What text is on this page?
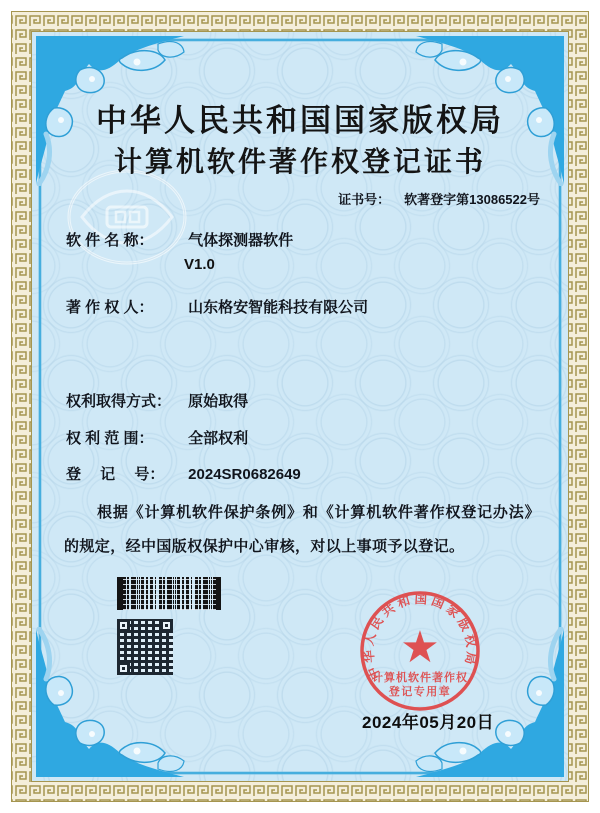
中华人民共和国国家版权局
计算机软件著作权登记证书
证书号： 软著登字第13086522号
软 件 名 称： 气体探测器软件
V1.0
著 作 权 人： 山东格安智能科技有限公司
权利取得方式： 原始取得
权 利 范 围： 全部权利
登　 记　 号： 2024SR0682649
根据《计算机软件保护条例》和《计算机软件著作权登记办法》的规定，经中国版权保护中心审核，对以上事项予以登记。
2024年05月20日
中华人民共和国国家版权局
★
计算机软件著作权
登记专用章
